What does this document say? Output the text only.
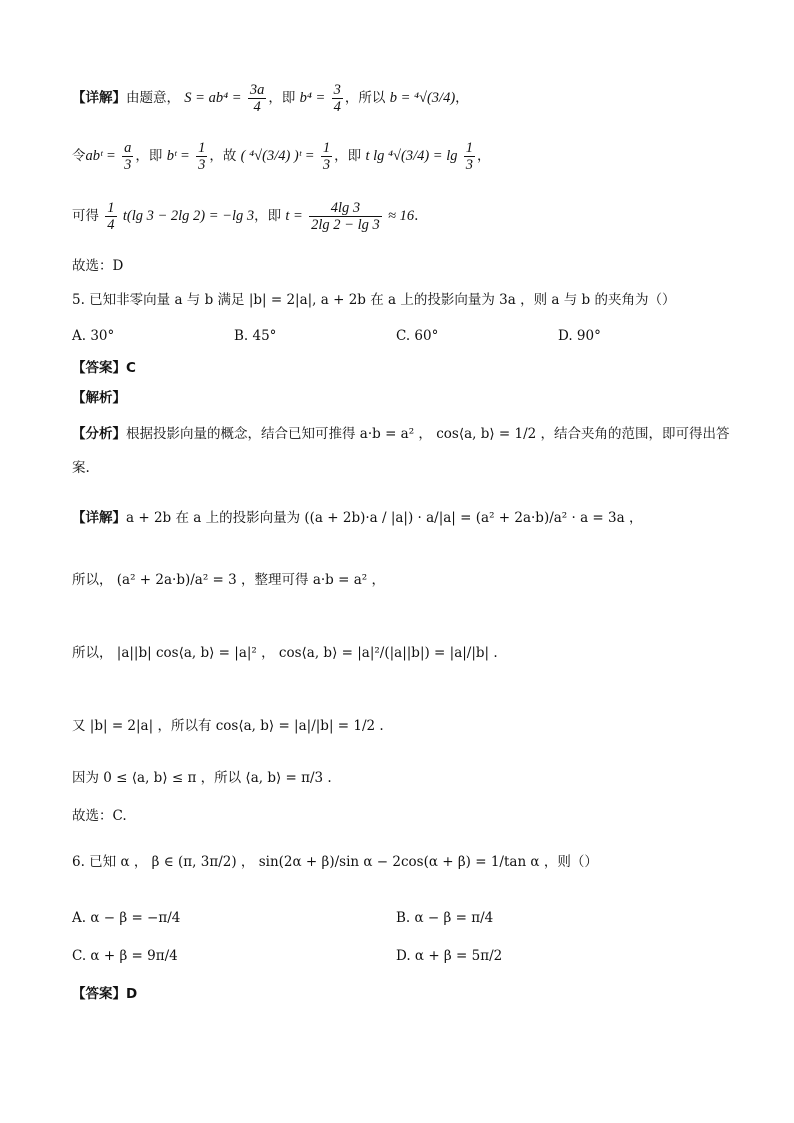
【详解】由题意， $S = ab^4 = \frac{3a}{4}$ ，即 $b^4 = \frac{3}{4}$ ，所以 b = ⁴√(3/4)，
令abᵗ = $\frac{a}{3}$ ，即 bᵗ = $\frac{1}{3}$ ，故 ( ⁴√(3/4) )ᵗ = $\frac{1}{3}$ ，即 t $\lg ^4√(3/4) = \lg \frac{1}{3}$ ，
可得 $\frac{1}{4} t(\lg$ 3 − 2lg 2) = −lg 3，即 $t = \frac{4\lg 3}{2\lg 2 - \lg 3} \approx 16$.
故选：D
5. 已知非零向量 a 与 b 满足 |b| = 2|a|, a + 2b 在 a 上的投影向量为 3a ，则 a 与 b 的夹角为（）
A. 30°	B. 45°	C. 60°	D. 90°
【答案】C
【解析】
【分析】根据投影向量的概念，结合已知可推得 a·b = a² ， cos⟨a, b⟩ = 1/2 ，结合夹角的范围，即可得出答
案.
【详解】a + 2b 在 a 上的投影向量为 ((a + 2b)·a / |a|) · a/|a| = (a² + 2a·b)/a² · a = 3a ，
所以， (a² + 2a·b)/a² = 3 ，整理可得 a·b = a² ，
所以， |a||b| cos⟨a, b⟩ = |a|² ， cos⟨a, b⟩ = |a|²/(|a||b|) = |a|/|b| .
又 |b| = 2|a| ，所以有 cos⟨a, b⟩ = |a|/|b| = 1/2 .
因为 0 ≤ ⟨a, b⟩ ≤ π ，所以 ⟨a, b⟩ = π/3 .
故选：C.
6. 已知 α ， β ∈ (π, 3π/2) ， sin(2α + β)/sin α − 2cos(α + β) = 1/tan α ，则（）
A. α − β = −π/4	B. α − β = π/4
C. α + β = 9π/4	D. α + β = 5π/2
【答案】D
